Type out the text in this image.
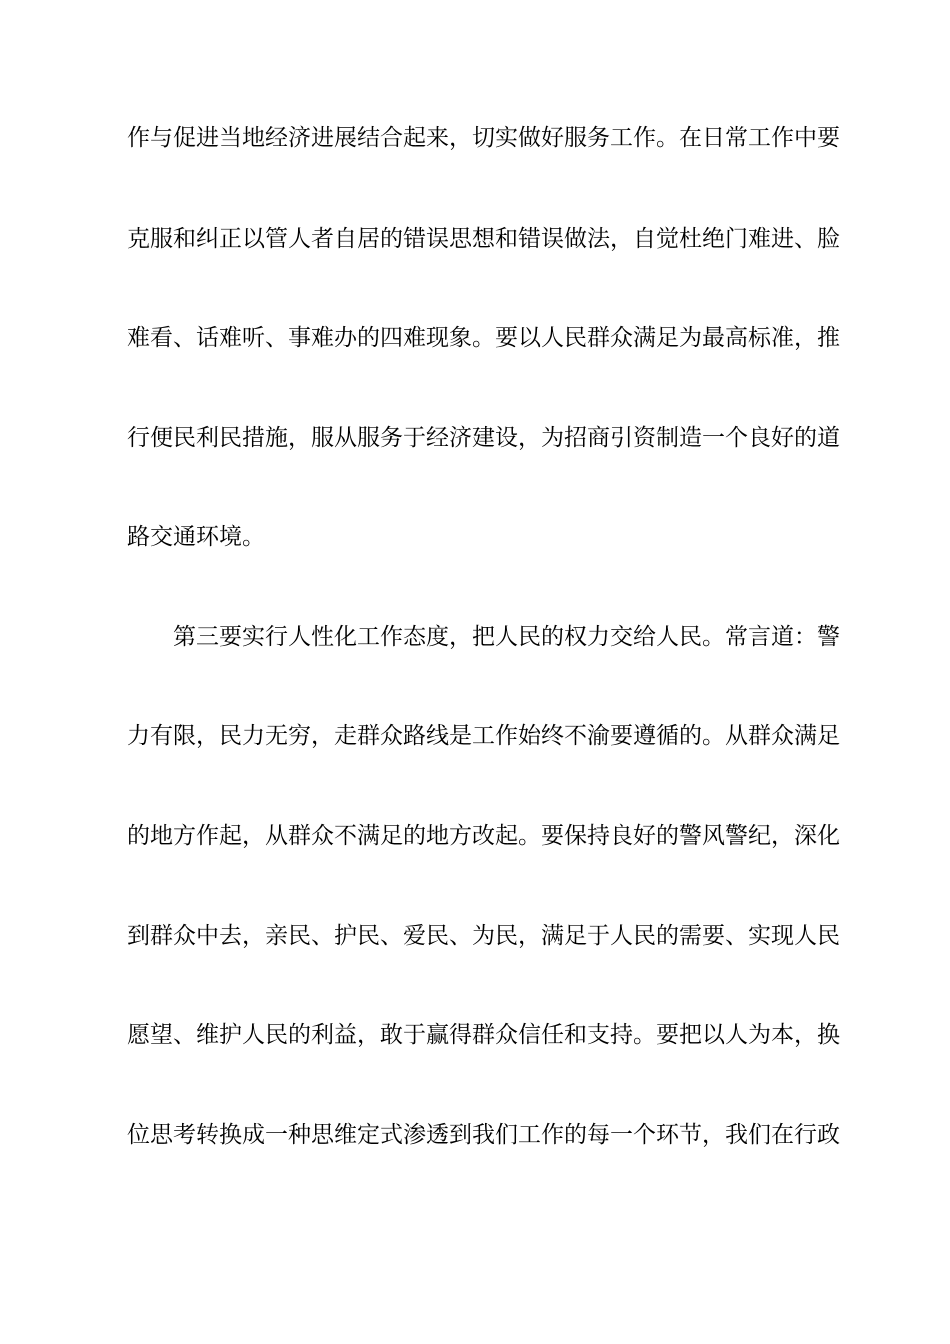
作与促进当地经济进展结合起来，切实做好服务工作。在日常工作中要
克服和纠正以管人者自居的错误思想和错误做法，自觉杜绝门难进、脸
难看、话难听、事难办的四难现象。要以人民群众满足为最高标准，推
行便民利民措施，服从服务于经济建设，为招商引资制造一个良好的道
路交通环境。
第三要实行人性化工作态度，把人民的权力交给人民。常言道：警
力有限，民力无穷，走群众路线是工作始终不渝要遵循的。从群众满足
的地方作起，从群众不满足的地方改起。要保持良好的警风警纪，深化
到群众中去，亲民、护民、爱民、为民，满足于人民的需要、实现人民
愿望、维护人民的利益，敢于赢得群众信任和支持。要把以人为本，换
位思考转换成一种思维定式渗透到我们工作的每一个环节，我们在行政
